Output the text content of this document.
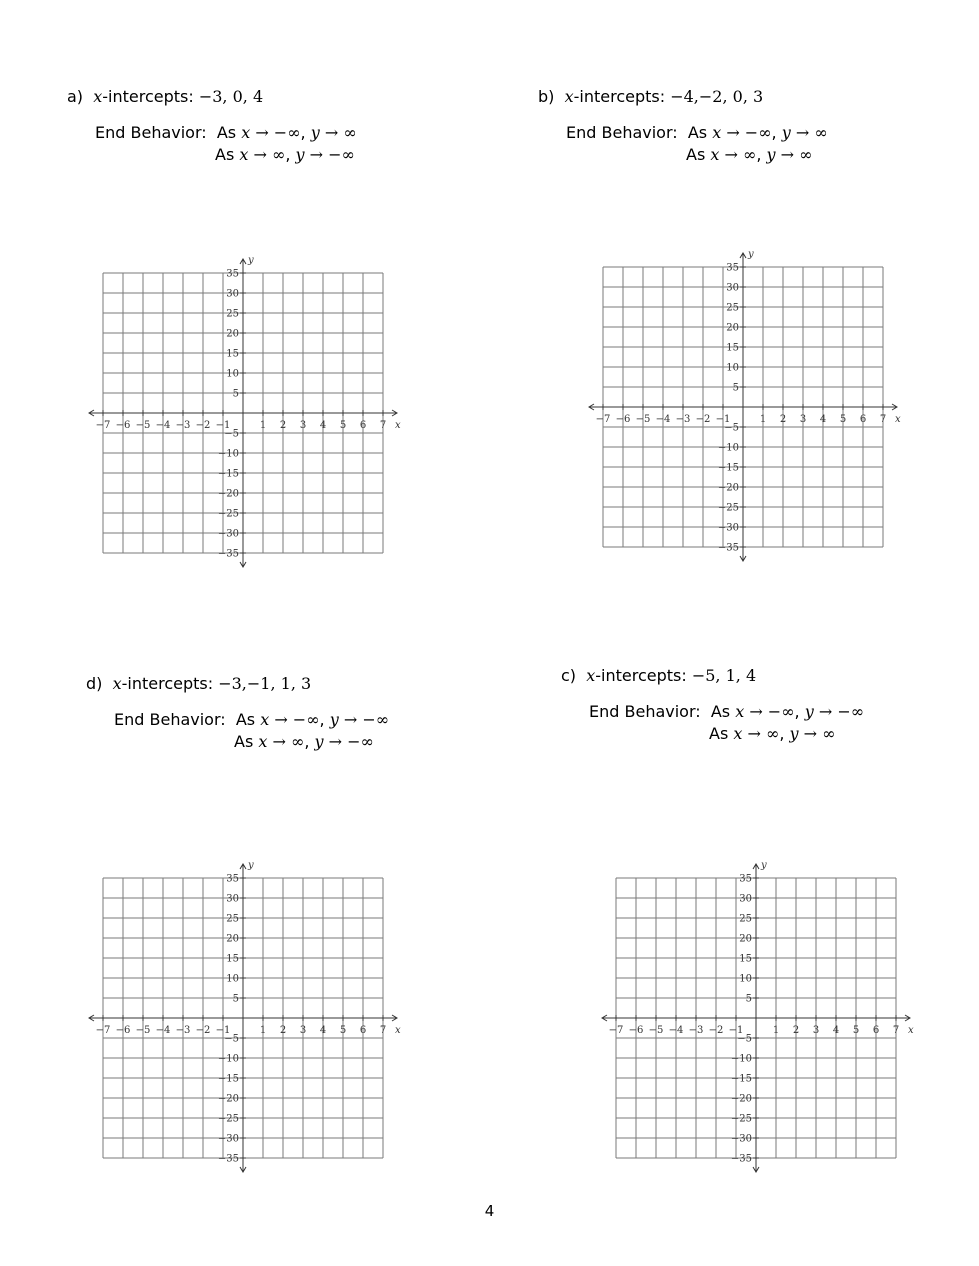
a) x-intercepts: −3, 0, 4
End Behavior: As x → −∞, y → ∞
As x → ∞, y → −∞
b) x-intercepts: −4,−2, 0, 3
End Behavior: As x → −∞, y → ∞
As x → ∞, y → ∞
d) x-intercepts: −3,−1, 1, 3
End Behavior: As x → −∞, y → −∞
As x → ∞, y → −∞
c) x-intercepts: −5, 1, 4
End Behavior: As x → −∞, y → −∞
As x → ∞, y → ∞
−7 −6 −5 −4 −3 −2 −1	1 2 3 4 5 6 7
−35
−30
−25
−20
−15
−10
−5
5
10
15
20
25
30
35
x
y
−7 −6 −5 −4 −3 −2 −1	1 2 3 4 5 6 7
−35
−30
−25
−20
−15
−10
−5
5
10
15
20
25
30
35
x
y
−7 −6 −5 −4 −3 −2 −1	1 2 3 4 5 6 7
−35
−30
−25
−20
−15
−10
−5
5
10
15
20
25
30
35
x
y
−7 −6 −5 −4 −3 −2 −1	1 2 3 4 5 6 7
−35
−30
−25
−20
−15
−10
−5
5
10
15
20
25
30
35
x
y
4
